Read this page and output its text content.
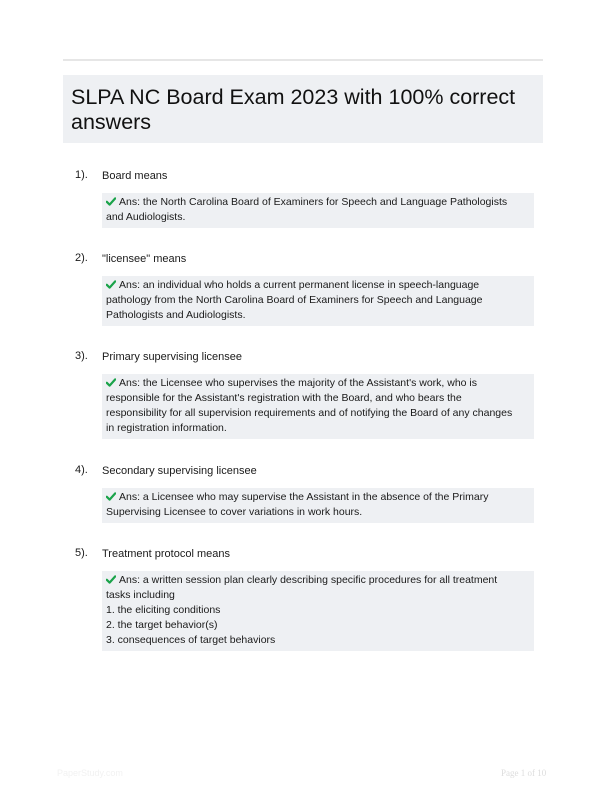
SLPA NC Board Exam 2023 with 100% correct answers
1). Board means
Ans: the North Carolina Board of Examiners for Speech and Language Pathologists
and Audiologists.
2). "licensee" means
Ans: an individual who holds a current permanent license in speech-language
pathology from the North Carolina Board of Examiners for Speech and Language
Pathologists and Audiologists.
3). Primary supervising licensee
Ans: the Licensee who supervises the majority of the Assistant's work, who is
responsible for the Assistant's registration with the Board, and who bears the
responsibility for all supervision requirements and of notifying the Board of any changes
in registration information.
4). Secondary supervising licensee
Ans: a Licensee who may supervise the Assistant in the absence of the Primary
Supervising Licensee to cover variations in work hours.
5). Treatment protocol means
Ans: a written session plan clearly describing specific procedures for all treatment
tasks including
1. the eliciting conditions
2. the target behavior(s)
3. consequences of target behaviors
PaperStudy.com	Page 1 of 10
